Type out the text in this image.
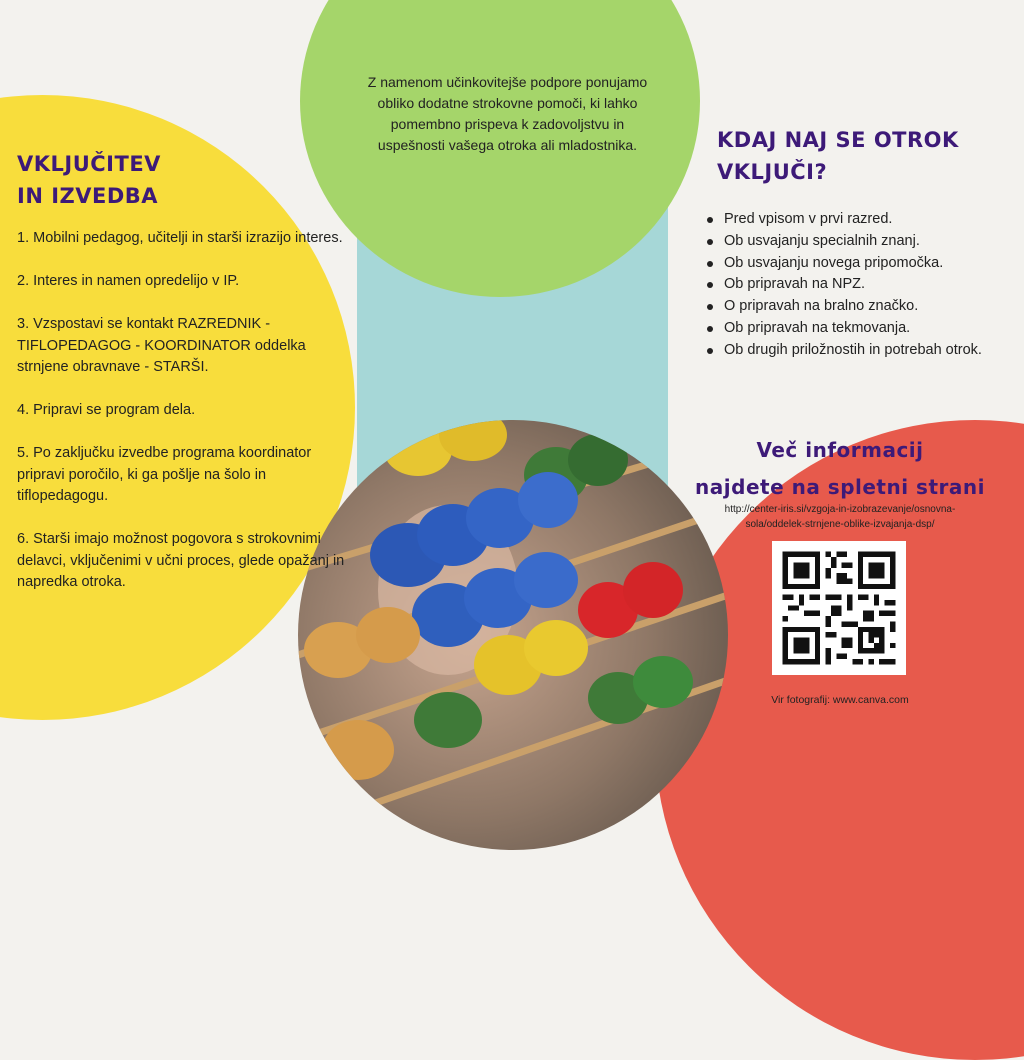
VKLJUČITEV
IN IZVEDBA

1. Mobilni pedagog, učitelji in starši izrazijo interes.

2. Interes in namen opredelijo v IP.

3. Vzspostavi se kontakt RAZREDNIK - TIFLOPEDAGOG - KOORDINATOR oddelka strnjene obravnave - STARŠI.

4. Pripravi se program dela.

5. Po zaključku izvedbe programa koordinator pripravi poročilo, ki ga pošlje na šolo in tiflopedagogu.

6. Starši imajo možnost pogovora s strokovnimi delavci, vključenimi v učni proces, glede opažanj in napredka otroka.

Z namenom učinkovitejše podpore ponujamo obliko dodatne strokovne pomoči, ki lahko pomembno prispeva k zadovoljstvu in uspešnosti vašega otroka ali mladostnika.	KDAJ NAJ SE OTROK
VKLJUČI?
Pred vpisom v prvi razred.
Ob usvajanju specialnih znanj.
Ob usvajanju novega pripomočka.
Ob pripravah na NPZ.
O pripravah na bralno značko.
Ob pripravah na tekmovanja.
Ob drugih priložnostih in potrebah otrok.
Več informacij
najdete na spletni strani
http://center-iris.si/vzgoja-in-izobrazevanje/osnovna-
sola/oddelek-strnjene-oblike-izvajanja-dsp/
Vir fotografij: www.canva.com
